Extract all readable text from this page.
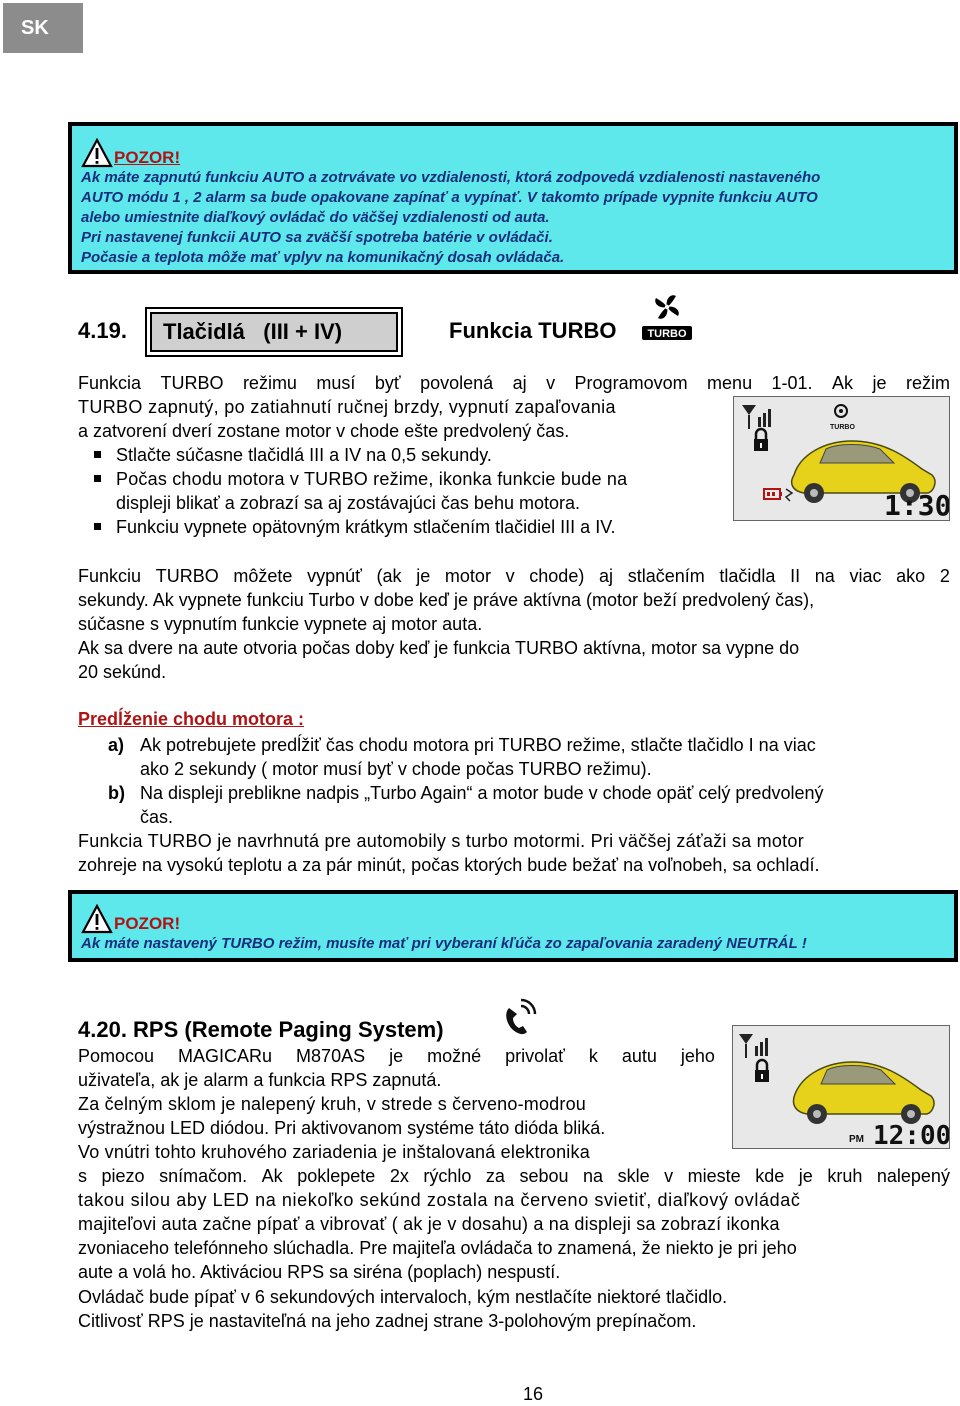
SK
POZOR!
Ak máte zapnutú funkciu AUTO a zotrvávate vo vzdialenosti, ktorá zodpovedá vzdialenosti nastaveného
AUTO módu 1 , 2 alarm sa bude opakovane zapínať a vypínať. V takomto prípade vypnite funkciu AUTO
alebo umiestnite diaľkový ovládač do väčšej vzdialenosti od auta.
Pri nastavenej funkcii AUTO sa zväčší spotreba batérie v ovládači.
Počasie a teplota môže mať vplyv na komunikačný dosah ovládača.
4.19. Tlačidlá   (III + IV)	Funkcia TURBO	TURBO
Funkcia TURBO režimu musí byť povolená aj v Programovom menu 1-01. Ak je režim
TURBO zapnutý, po zatiahnutí ručnej brzdy, vypnutí zapaľovania
a zatvorení dverí zostane motor v chode ešte predvolený čas.
Stlačte súčasne tlačidlá III a IV na 0,5 sekundy.
Počas chodu motora v TURBO režime, ikonka funkcie bude na
displeji blikať a zobrazí sa aj zostávajúci čas behu motora.
Funkciu vypnete opätovným krátkym stlačením tlačidiel III a IV.
TURBO
1:30
Funkciu TURBO môžete vypnúť (ak je motor v chode) aj stlačením tlačidla II na viac ako 2
sekundy. Ak vypnete funkciu Turbo v dobe keď je práve aktívna (motor beží predvolený čas),
súčasne s vypnutím funkcie vypnete aj motor auta.
Ak sa dvere na aute otvoria počas doby keď je funkcia TURBO aktívna, motor sa vypne do
20 sekúnd.
Predĺženie chodu motora :
a) Ak potrebujete predĺžiť čas chodu motora pri TURBO režime, stlačte tlačidlo I na viac
ako 2 sekundy ( motor musí byť v chode počas TURBO režimu).
b) Na displeji preblikne nadpis „Turbo Again“ a motor bude v chode opäť celý predvolený
čas.
Funkcia TURBO je navrhnutá pre automobily s turbo motormi. Pri väčšej záťaži sa motor
zohreje na vysokú teplotu a za pár minút, počas ktorých bude bežať na voľnobeh, sa ochladí.
POZOR!
Ak máte nastavený TURBO režim, musíte mať pri vyberaní kľúča zo zapaľovania zaradený NEUTRÁL !
4.20. RPS (Remote Paging System)
Pomocou MAGICARu M870AS je možné privolať k autu jeho
uživateľa, ak je alarm a funkcia RPS zapnutá.
Za čelným sklom je nalepený kruh, v strede s červeno-modrou
výstražnou LED diódou. Pri aktivovanom systéme táto dióda bliká.
Vo vnútri tohto kruhového zariadenia je inštalovaná elektronika
PM 12:00
s piezo snímačom. Ak poklepete 2x rýchlo za sebou na skle v mieste kde je kruh nalepený
takou silou aby LED na niekoľko sekúnd zostala na červeno svietiť, diaľkový ovládač
majiteľovi auta začne pípať a vibrovať ( ak je v dosahu) a na displeji sa zobrazí ikonka
zvoniaceho telefónneho slúchadla. Pre majiteľa ovládača to znamená, že niekto je pri jeho
aute a volá ho. Aktiváciou RPS sa siréna (poplach) nespustí.
Ovládač bude pípať v 6 sekundových intervaloch, kým nestlačíte niektoré tlačidlo.
Citlivosť RPS je nastaviteľná na jeho zadnej strane 3-polohovým prepínačom.
16
